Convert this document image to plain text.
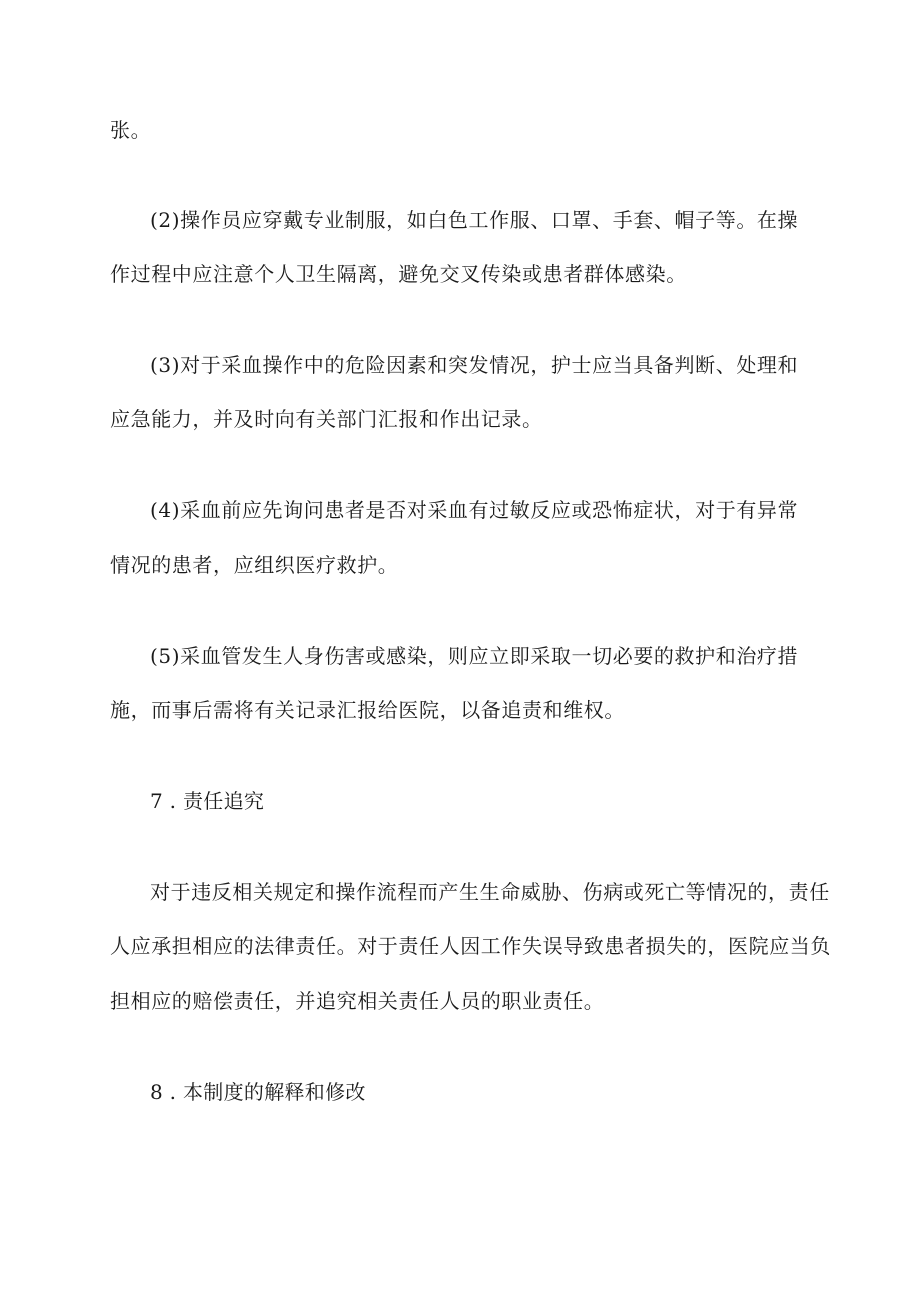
张。
(2)操作员应穿戴专业制服，如白色工作服、口罩、手套、帽子等。在操
作过程中应注意个人卫生隔离，避免交叉传染或患者群体感染。
(3)对于采血操作中的危险因素和突发情况，护士应当具备判断、处理和
应急能力，并及时向有关部门汇报和作出记录。
(4)采血前应先询问患者是否对采血有过敏反应或恐怖症状，对于有异常
情况的患者，应组织医疗救护。
(5)采血管发生人身伤害或感染，则应立即采取一切必要的救护和治疗措
施，而事后需将有关记录汇报给医院，以备追责和维权。
7 . 责任追究
对于违反相关规定和操作流程而产生生命威胁、伤病或死亡等情况的，责任
人应承担相应的法律责任。对于责任人因工作失误导致患者损失的，医院应当负
担相应的赔偿责任，并追究相关责任人员的职业责任。
8 . 本制度的解释和修改
